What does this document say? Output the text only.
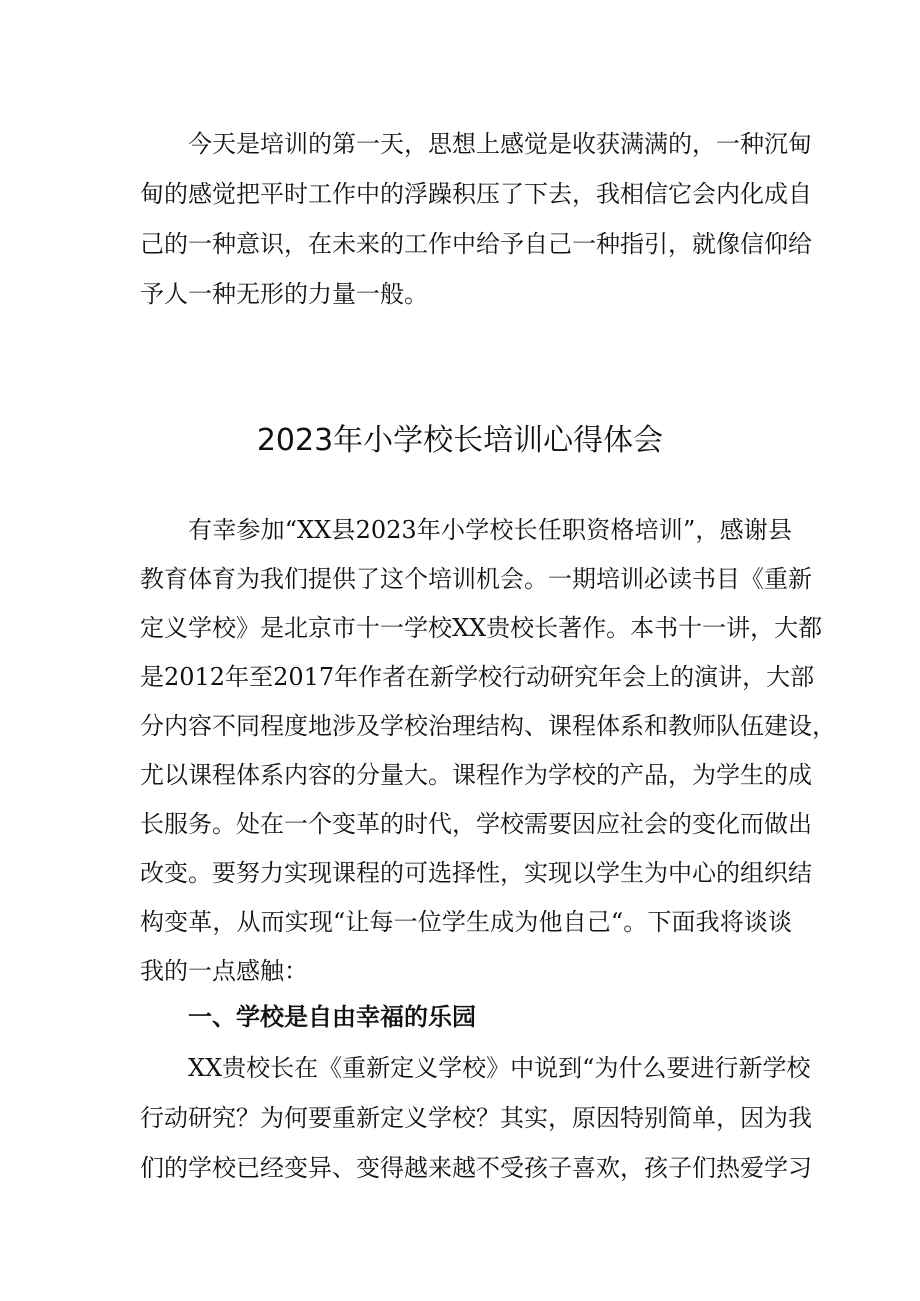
今天是培训的第一天，思想上感觉是收获满满的，一种沉甸
甸的感觉把平时工作中的浮躁积压了下去，我相信它会内化成自
己的一种意识，在未来的工作中给予自己一种指引，就像信仰给
予人一种无形的力量一般。
2023年小学校长培训心得体会
有幸参加“XX县2023年小学校长任职资格培训”，感谢县
教育体育为我们提供了这个培训机会。一期培训必读书目《重新
定义学校》是北京市十一学校XX贵校长著作。本书十一讲，大都
是2012年至2017年作者在新学校行动研究年会上的演讲，大部
分内容不同程度地涉及学校治理结构、课程体系和教师队伍建设，
尤以课程体系内容的分量大。课程作为学校的产品，为学生的成
长服务。处在一个变革的时代，学校需要因应社会的变化而做出
改变。要努力实现课程的可选择性，实现以学生为中心的组织结
构变革，从而实现“让每一位学生成为他自己“。下面我将谈谈
我的一点感触：
一、学校是自由幸福的乐园
XX贵校长在《重新定义学校》中说到“为什么要进行新学校
行动研究？为何要重新定义学校？其实，原因特别简单，因为我
们的学校已经变异、变得越来越不受孩子喜欢，孩子们热爱学习
